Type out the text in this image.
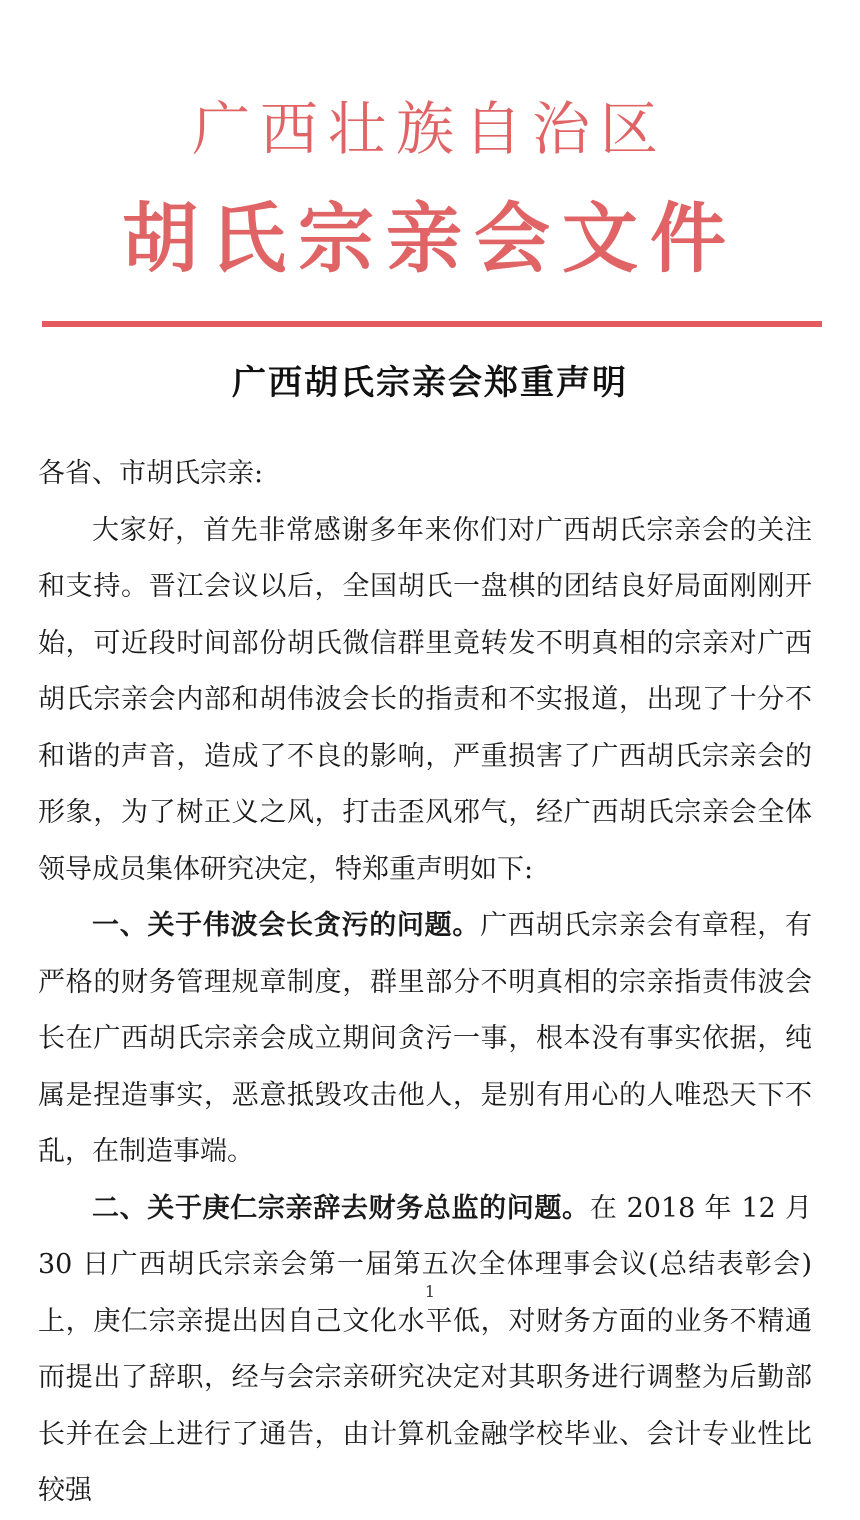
广西壮族自治区
胡氏宗亲会文件
广西胡氏宗亲会郑重声明

各省、市胡氏宗亲:

大家好，首先非常感谢多年来你们对广西胡氏宗亲会的关注和支持。晋江会议以后，全国胡氏一盘棋的团结良好局面刚刚开始，可近段时间部份胡氏微信群里竟转发不明真相的宗亲对广西胡氏宗亲会内部和胡伟波会长的指责和不实报道，出现了十分不和谐的声音，造成了不良的影响，严重损害了广西胡氏宗亲会的形象，为了树正义之风，打击歪风邪气，经广西胡氏宗亲会全体领导成员集体研究决定，特郑重声明如下:

一、关于伟波会长贪污的问题。广西胡氏宗亲会有章程，有严格的财务管理规章制度，群里部分不明真相的宗亲指责伟波会长在广西胡氏宗亲会成立期间贪污一事，根本没有事实依据，纯属是捏造事实，恶意抵毁攻击他人，是别有用心的人唯恐天下不乱，在制造事端。

二、关于庚仁宗亲辞去财务总监的问题。在 2018 年 12 月 30 日广西胡氏宗亲会第一届第五次全体理事会议(总结表彰会)上，庚仁宗亲提出因自己文化水平低，对财务方面的业务不精通而提出了辞职，经与会宗亲研究决定对其职务进行调整为后勤部长并在会上进行了通告，由计算机金融学校毕业、会计专业性比较强

1
